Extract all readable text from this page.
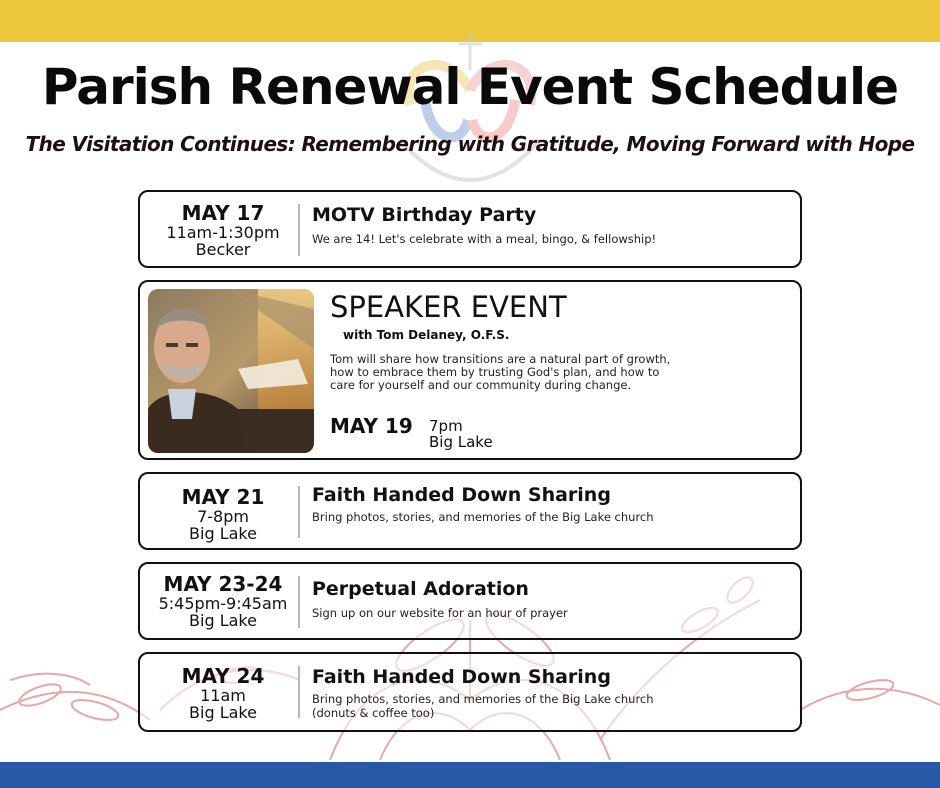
Parish Renewal Event Schedule
The Visitation Continues: Remembering with Gratitude, Moving Forward with Hope
MAY 17
11am-1:30pm
Becker
MOTV Birthday Party
We are 14! Let's celebrate with a meal, bingo, & fellowship!
SPEAKER EVENT
with Tom Delaney, O.F.S.
Tom will share how transitions are a natural part of growth,
how to embrace them by trusting God's plan, and how to
care for yourself and our community during change.
MAY 19 7pm
Big Lake
MAY 21
7-8pm
Big Lake
Faith Handed Down Sharing
Bring photos, stories, and memories of the Big Lake church
MAY 23-24
5:45pm-9:45am
Big Lake
Perpetual Adoration
Sign up on our website for an hour of prayer
MAY 24
11am
Big Lake
Faith Handed Down Sharing
Bring photos, stories, and memories of the Big Lake church
(donuts & coffee too)
